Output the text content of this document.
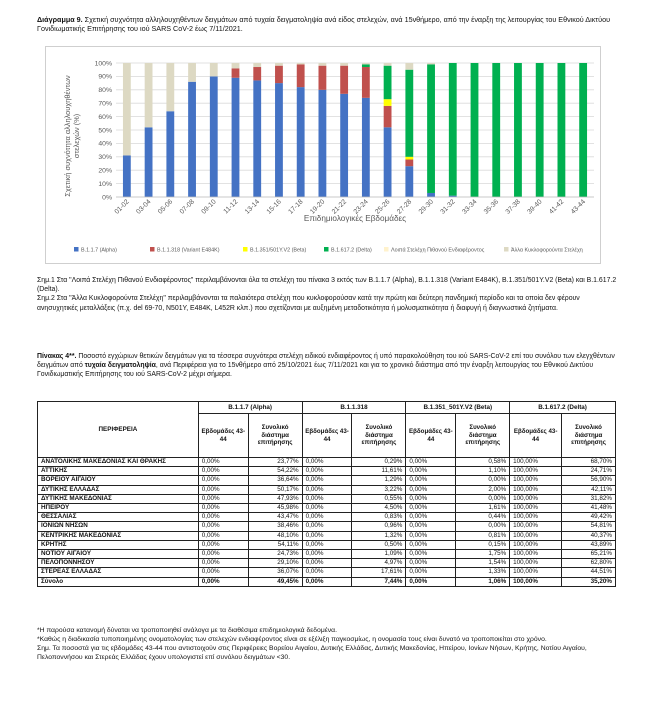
Διάγραμμα 9. Σχετική συχνότητα αλληλουχηθέντων δειγμάτων από τυχαία δειγματοληψία ανά είδος στελεχών, ανά 15νθήμερο, από την έναρξη της λειτουργίας του Εθνικού Δικτύου Γονιδιωματικής Επιτήρησης του ιού SARS CoV-2 έως 7/11/2021.
0%
10%
20%
30%
40%
50%
60%
70%
80%
90%
100%
01-02 03-04 05-06 07-08 09-10 11-12 13-14 15-16 17-18 19-20 21-22 23-24 25-26 27-28 29-30 31-32 33-34 35-36 37-38 39-40 41-42 43-44
Επιδημιολογικές Εβδομάδες
Σχετική συχνότητα αλληλουχηθέντωνστελεχών (%)
B.1.1.7 (Alpha)	B.1.1.318 (Variant E484K)	B.1.351/501Y.V2 (Beta)	B.1.617.2 (Delta)	Λοιπά Στελέχη Πιθανού Ενδιαφέροντος	Άλλα Κυκλοφορούντα Στελέχη

Σημ.1 Στα "Λοιπά Στελέχη Πιθανού Ενδιαφέροντος" περιλαμβάνονται όλα τα στελέχη του πίνακα 3 εκτός των B.1.1.7 (Alpha), B.1.1.318 (Variant E484K), B.1.351/501Y.V2 (Beta) και B.1.617.2 (Delta).

Σημ.2 Στα "Άλλα Κυκλοφορούντα Στελέχη" περιλαμβάνονται τα παλαιότερα στελέχη που κυκλοφορούσαν κατά την πρώτη και δεύτερη πανδημική περίοδο και τα οποία δεν φέρουν ανησυχητικές μεταλλάξεις (π.χ. del 69-70, N501Y, E484K, L452R κλπ.) που σχετίζονται με αυξημένη μεταδοτικότητα ή μολυσματικότητα ή διαφυγή ή διαγνωστικά ζητήματα.

Πίνακας 4**. Ποσοστό εγχώριων θετικών δειγμάτων για τα τέσσερα συχνότερα στελέχη ειδικού ενδιαφέροντος ή υπό παρακολούθηση του ιού SARS-CoV-2 επί του συνόλου των ελεγχθέντων δειγμάτων από τυχαία δειγματοληψία, ανά Περιφέρεια για το 15νθήμερο από 25/10/2021 έως 7/11/2021 και για το χρονικό διάστημα από την έναρξη λειτουργίας του Εθνικού Δικτύου Γονιδιωματικής Επιτήρησης του ιού SARS-CoV-2 μέχρι σήμερα.
ΠΕΡΙΦΕΡΕΙΑ	B.1.1.7 (Alpha)		B.1.1.318		B.1.351_501Y.V2 (Beta)		B.1.617.2 (Delta)	
	Εβδομάδες 43-44	Συνολικό διάστημα επιτήρησης	Εβδομάδες 43-44	Συνολικό διάστημα επιτήρησης	Εβδομάδες 43-44	Συνολικό διάστημα επιτήρησης	Εβδομάδες 43-44	Συνολικό διάστημα επιτήρησης
ΑΝΑΤΟΛΙΚΗΣ ΜΑΚΕΔΟΝΙΑΣ ΚΑΙ ΘΡΑΚΗΣ	0,00%	23,77%	0,00%	0,29%	0,00%	0,58%	100,00%	68,70%
ΑΤΤΙΚΗΣ	0,00%	54,22%	0,00%	11,61%	0,00%	1,10%	100,00%	24,71%
ΒΟΡΕΙΟΥ ΑΙΓΑΙΟΥ	0,00%	36,64%	0,00%	1,29%	0,00%	0,00%	100,00%	56,90%
ΔΥΤΙΚΗΣ ΕΛΛΑΔΑΣ	0,00%	50,17%	0,00%	3,22%	0,00%	2,00%	100,00%	42,11%
ΔΥΤΙΚΗΣ ΜΑΚΕΔΟΝΙΑΣ	0,00%	47,93%	0,00%	0,55%	0,00%	0,00%	100,00%	31,82%
ΗΠΕΙΡΟΥ	0,00%	45,98%	0,00%	4,50%	0,00%	1,61%	100,00%	41,48%
ΘΕΣΣΑΛΙΑΣ	0,00%	43,47%	0,00%	0,83%	0,00%	0,44%	100,00%	49,42%
ΙΟΝΙΩΝ ΝΗΣΩΝ	0,00%	38,46%	0,00%	0,96%	0,00%	0,00%	100,00%	54,81%
ΚΕΝΤΡΙΚΗΣ ΜΑΚΕΔΟΝΙΑΣ	0,00%	48,10%	0,00%	1,32%	0,00%	0,81%	100,00%	40,37%
ΚΡΗΤΗΣ	0,00%	54,11%	0,00%	0,50%	0,00%	0,15%	100,00%	43,89%
ΝΟΤΙΟΥ ΑΙΓΑΙΟΥ	0,00%	24,73%	0,00%	1,09%	0,00%	1,75%	100,00%	65,21%
ΠΕΛΟΠΟΝΝΗΣΟΥ	0,00%	29,10%	0,00%	4,97%	0,00%	1,54%	100,00%	62,80%
ΣΤΕΡΕΑΣ ΕΛΛΑΔΑΣ	0,00%	36,07%	0,00%	17,61%	0,00%	1,33%	100,00%	44,51%
Σύνολο	0,00%	49,45%	0,00%	7,44%	0,00%	1,06%	100,00%	35,20%

*Η παρούσα κατανομή δύναται να τροποποιηθεί ανάλογα με τα διαθέσιμα επιδημιολογικά δεδομένα.

*Καθώς η διαδικασία τυποποιημένης ονοματολογίας των στελεχών ενδιαφέροντος είναι σε εξέλιξη παγκοσμίως, η ονομασία τους είναι δυνατό να τροποποιείται στο χρόνο.

Σημ. Τα ποσοστά για τις εβδομάδες 43-44 που αντιστοιχούν στις Περιφέρειες Βορείου Αιγαίου, Δυτικής Ελλάδας, Δυτικής Μακεδονίας, Ηπείρου, Ιονίων Νήσων, Κρήτης, Νοτίου Αιγαίου, Πελοποννήσου και Στερεάς Ελλάδας έχουν υπολογιστεί επί συνόλου δειγμάτων <30.
